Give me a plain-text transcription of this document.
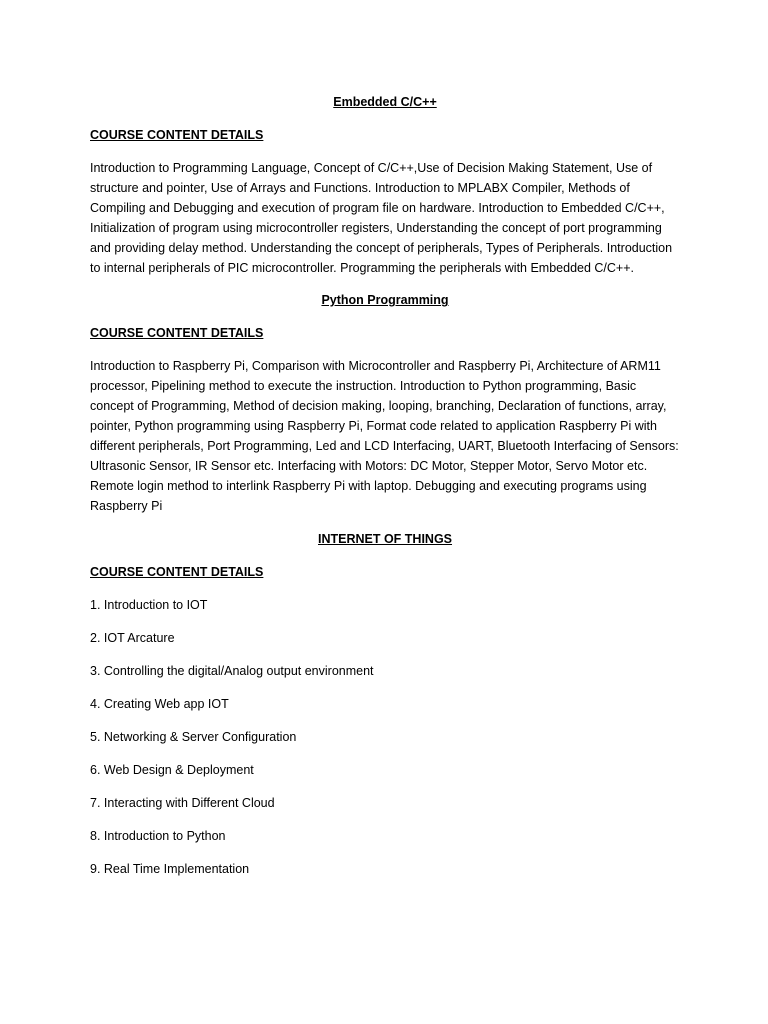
Embedded C/C++
COURSE CONTENT DETAILS
Introduction to Programming Language, Concept of C/C++,Use of Decision Making Statement, Use of structure and pointer, Use of Arrays and Functions. Introduction to MPLABX Compiler, Methods of Compiling and Debugging and execution of program file on hardware. Introduction to Embedded C/C++, Initialization of program using microcontroller registers, Understanding the concept of port programming and providing delay method. Understanding the concept of peripherals, Types of Peripherals. Introduction to internal peripherals of PIC microcontroller. Programming the peripherals with Embedded C/C++.
Python Programming
COURSE CONTENT DETAILS
Introduction to Raspberry Pi, Comparison with Microcontroller and Raspberry Pi, Architecture of ARM11 processor, Pipelining method to execute the instruction. Introduction to Python programming, Basic concept of Programming, Method of decision making, looping, branching, Declaration of functions, array, pointer, Python programming using Raspberry Pi, Format code related to application Raspberry Pi with different peripherals, Port Programming, Led and LCD Interfacing, UART, Bluetooth Interfacing of Sensors: Ultrasonic Sensor, IR Sensor etc. Interfacing with Motors: DC Motor, Stepper Motor, Servo Motor etc. Remote login method to interlink Raspberry Pi with laptop. Debugging and executing programs using Raspberry Pi
INTERNET OF THINGS
COURSE CONTENT DETAILS
1. Introduction to IOT
2. IOT Arcature
3. Controlling the digital/Analog output environment
4. Creating Web app IOT
5. Networking & Server Configuration
6. Web Design & Deployment
7. Interacting with Different Cloud
8. Introduction to Python
9. Real Time Implementation
